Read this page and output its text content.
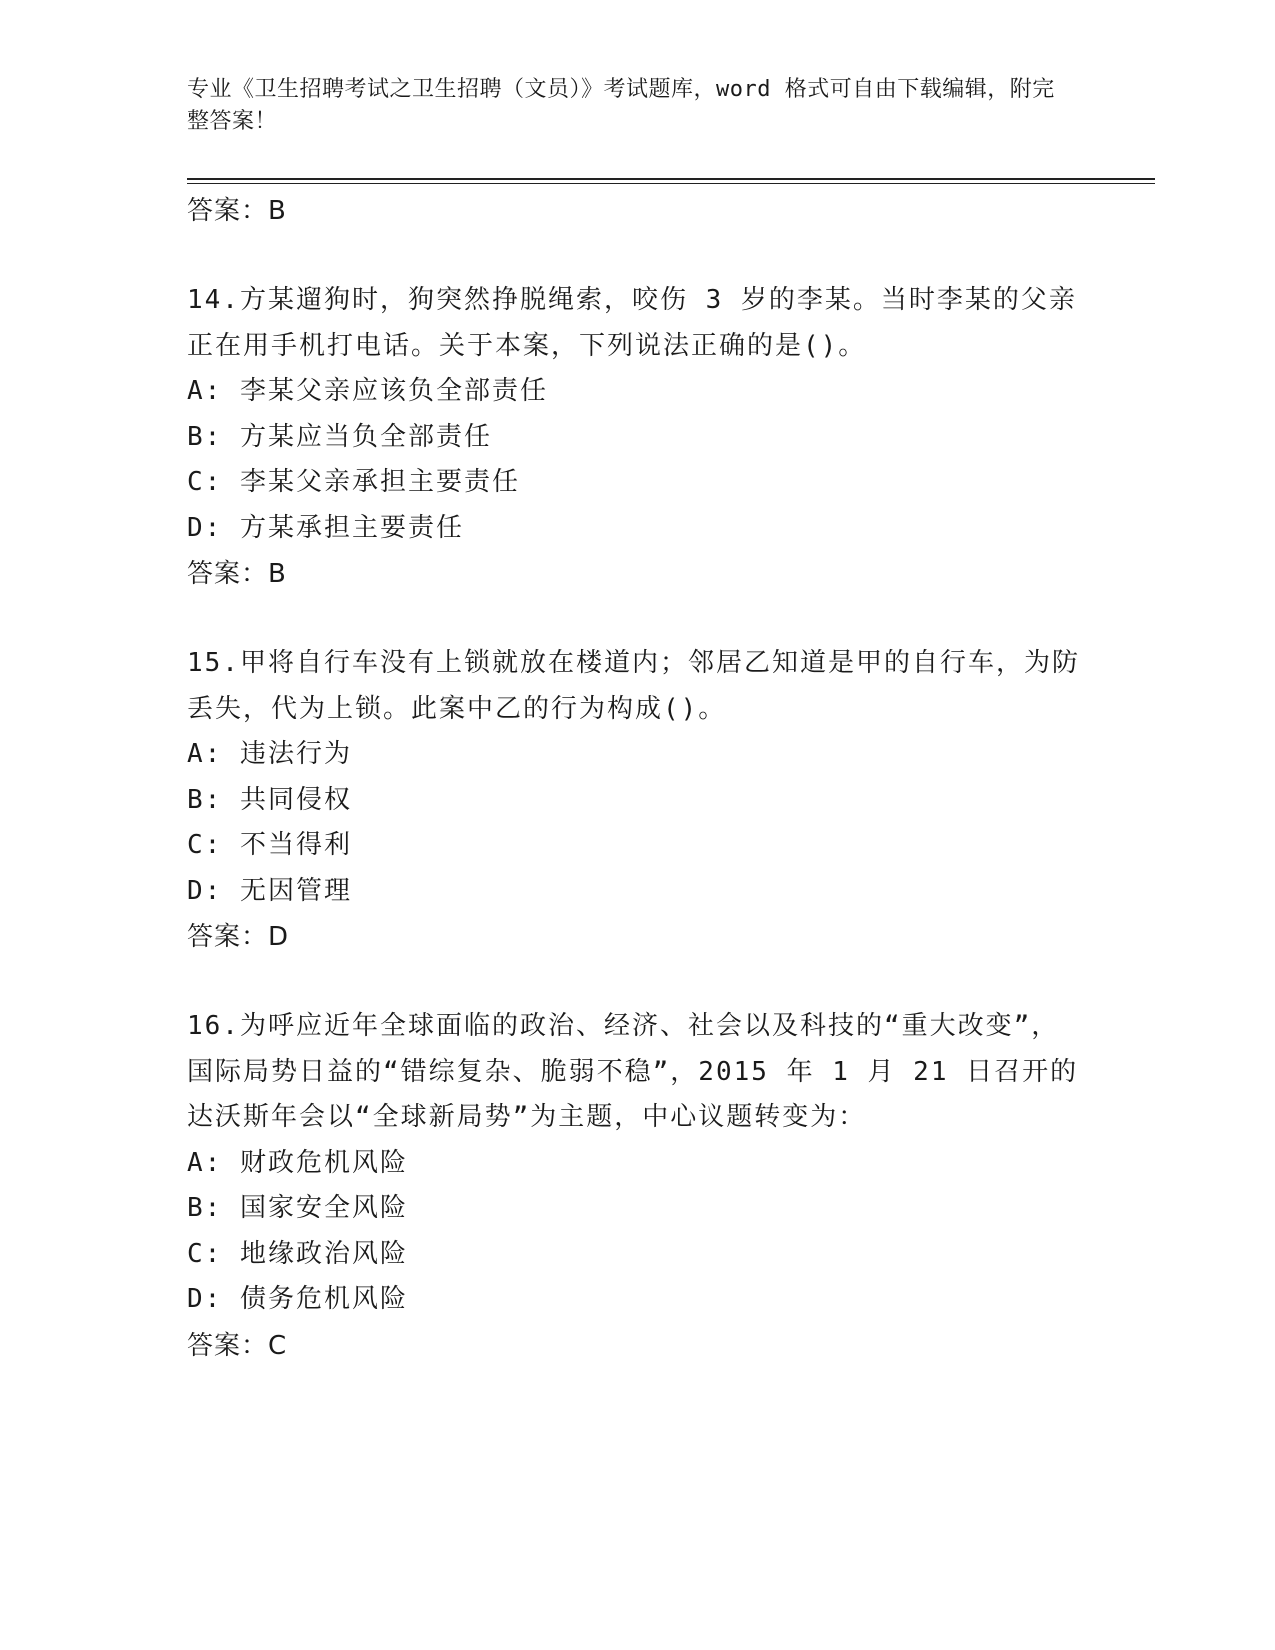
专业《卫生招聘考试之卫生招聘（文员）》考试题库，word 格式可自由下载编辑，附完整答案！

答案：B

14.方某遛狗时，狗突然挣脱绳索，咬伤 3 岁的李某。当时李某的父亲正在用手机打电话。关于本案，下列说法正确的是()。

A: 李某父亲应该负全部责任

B: 方某应当负全部责任

C: 李某父亲承担主要责任

D: 方某承担主要责任

答案：B

15.甲将自行车没有上锁就放在楼道内；邻居乙知道是甲的自行车，为防丢失，代为上锁。此案中乙的行为构成()。

A: 违法行为

B: 共同侵权

C: 不当得利

D: 无因管理

答案：D

16.为呼应近年全球面临的政治、经济、社会以及科技的“重大改变”，国际局势日益的“错综复杂、脆弱不稳”，2015 年 1 月 21 日召开的达沃斯年会以“全球新局势”为主题，中心议题转变为：

A: 财政危机风险

B: 国家安全风险

C: 地缘政治风险

D: 债务危机风险

答案：C
